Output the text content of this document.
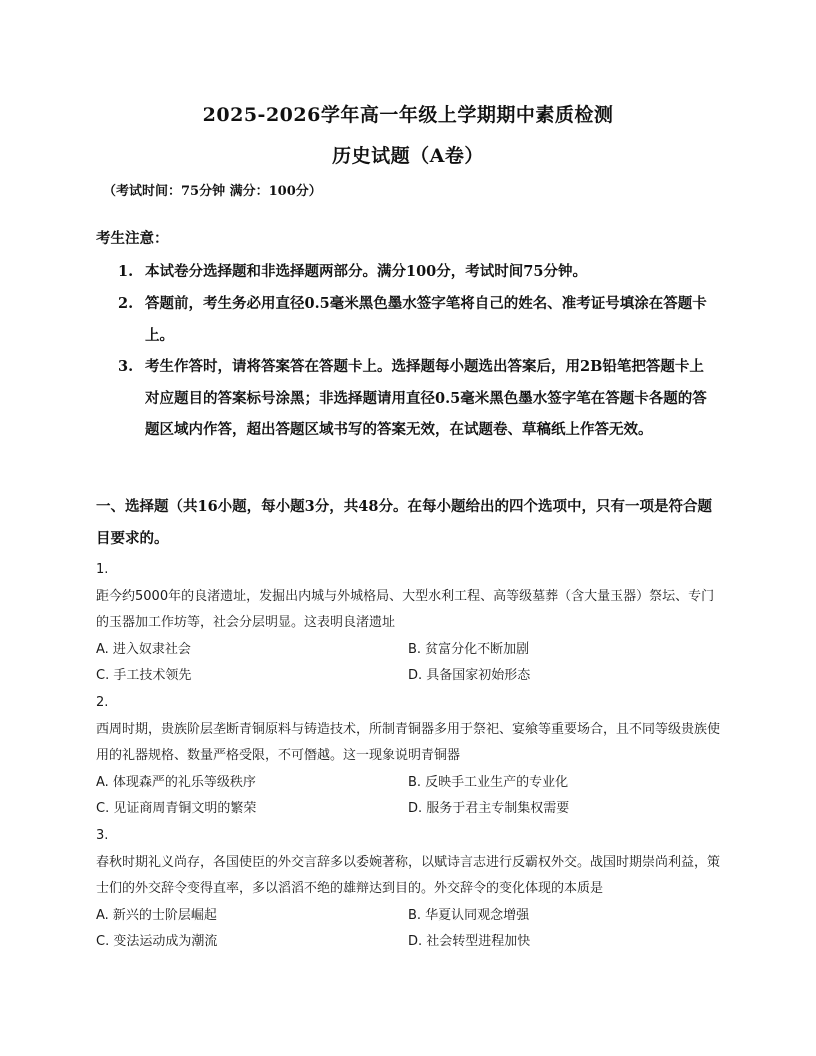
2025-2026学年高一年级上学期期中素质检测
历史试题（A卷）
（考试时间：75分钟 满分：100分）
考生注意：
1. 本试卷分选择题和非选择题两部分。满分100分，考试时间75分钟。
2. 答题前，考生务必用直径0.5毫米黑色墨水签字笔将自己的姓名、准考证号填涂在答题卡上。
3. 考生作答时，请将答案答在答题卡上。选择题每小题选出答案后，用2B铅笔把答题卡上对应题目的答案标号涂黑；非选择题请用直径0.5毫米黑色墨水签字笔在答题卡各题的答题区域内作答，超出答题区域书写的答案无效，在试题卷、草稿纸上作答无效。
一、选择题（共16小题，每小题3分，共48分。在每小题给出的四个选项中，只有一项是符合题目要求的。
1.
距今约5000年的良渚遗址，发掘出内城与外城格局、大型水利工程、高等级墓葬（含大量玉器）祭坛、专门的玉器加工作坊等，社会分层明显。这表明良渚遗址
A. 进入奴隶社会	B. 贫富分化不断加剧
C. 手工技术领先	D. 具备国家初始形态
2.
西周时期，贵族阶层垄断青铜原料与铸造技术，所制青铜器多用于祭祀、宴飨等重要场合，且不同等级贵族使用的礼器规格、数量严格受限，不可僭越。这一现象说明青铜器
A. 体现森严的礼乐等级秩序	B. 反映手工业生产的专业化
C. 见证商周青铜文明的繁荣	D. 服务于君主专制集权需要
3.
春秋时期礼义尚存，各国使臣的外交言辞多以委婉著称，以赋诗言志进行反霸权外交。战国时期崇尚利益，策士们的外交辞令变得直率，多以滔滔不绝的雄辩达到目的。外交辞令的变化体现的本质是
A. 新兴的士阶层崛起	B. 华夏认同观念增强
C. 变法运动成为潮流	D. 社会转型进程加快
